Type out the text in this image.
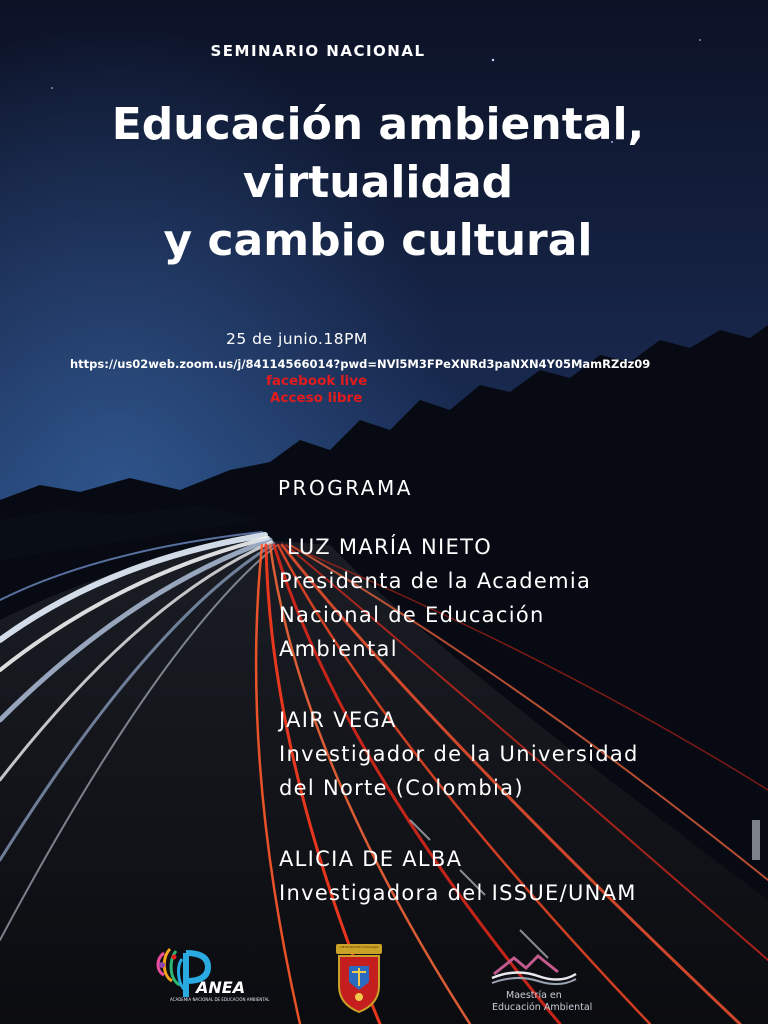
SEMINARIO NACIONAL
Educación ambiental,
virtualidad
y cambio cultural
25 de junio.18PM
https://us02web.zoom.us/j/84114566014?pwd=NVl5M3FPeXNRd3paNXN4Y05MamRZdz09
facebook live
Acceso libre
PROGRAMA
LUZ MARÍA NIETO
Presidenta de la Academia
Nacional de Educación
Ambiental
JAIR VEGA
Investigador de la Universidad
del Norte (Colombia)
ALICIA DE ALBA
Investigadora del ISSUE/UNAM
ANEA
ACADEMIA NACIONAL DE EDUCACIÓN AMBIENTAL
UNIVERSIDAD DE GUADALAJARA
Maestría en
Educación Ambiental
